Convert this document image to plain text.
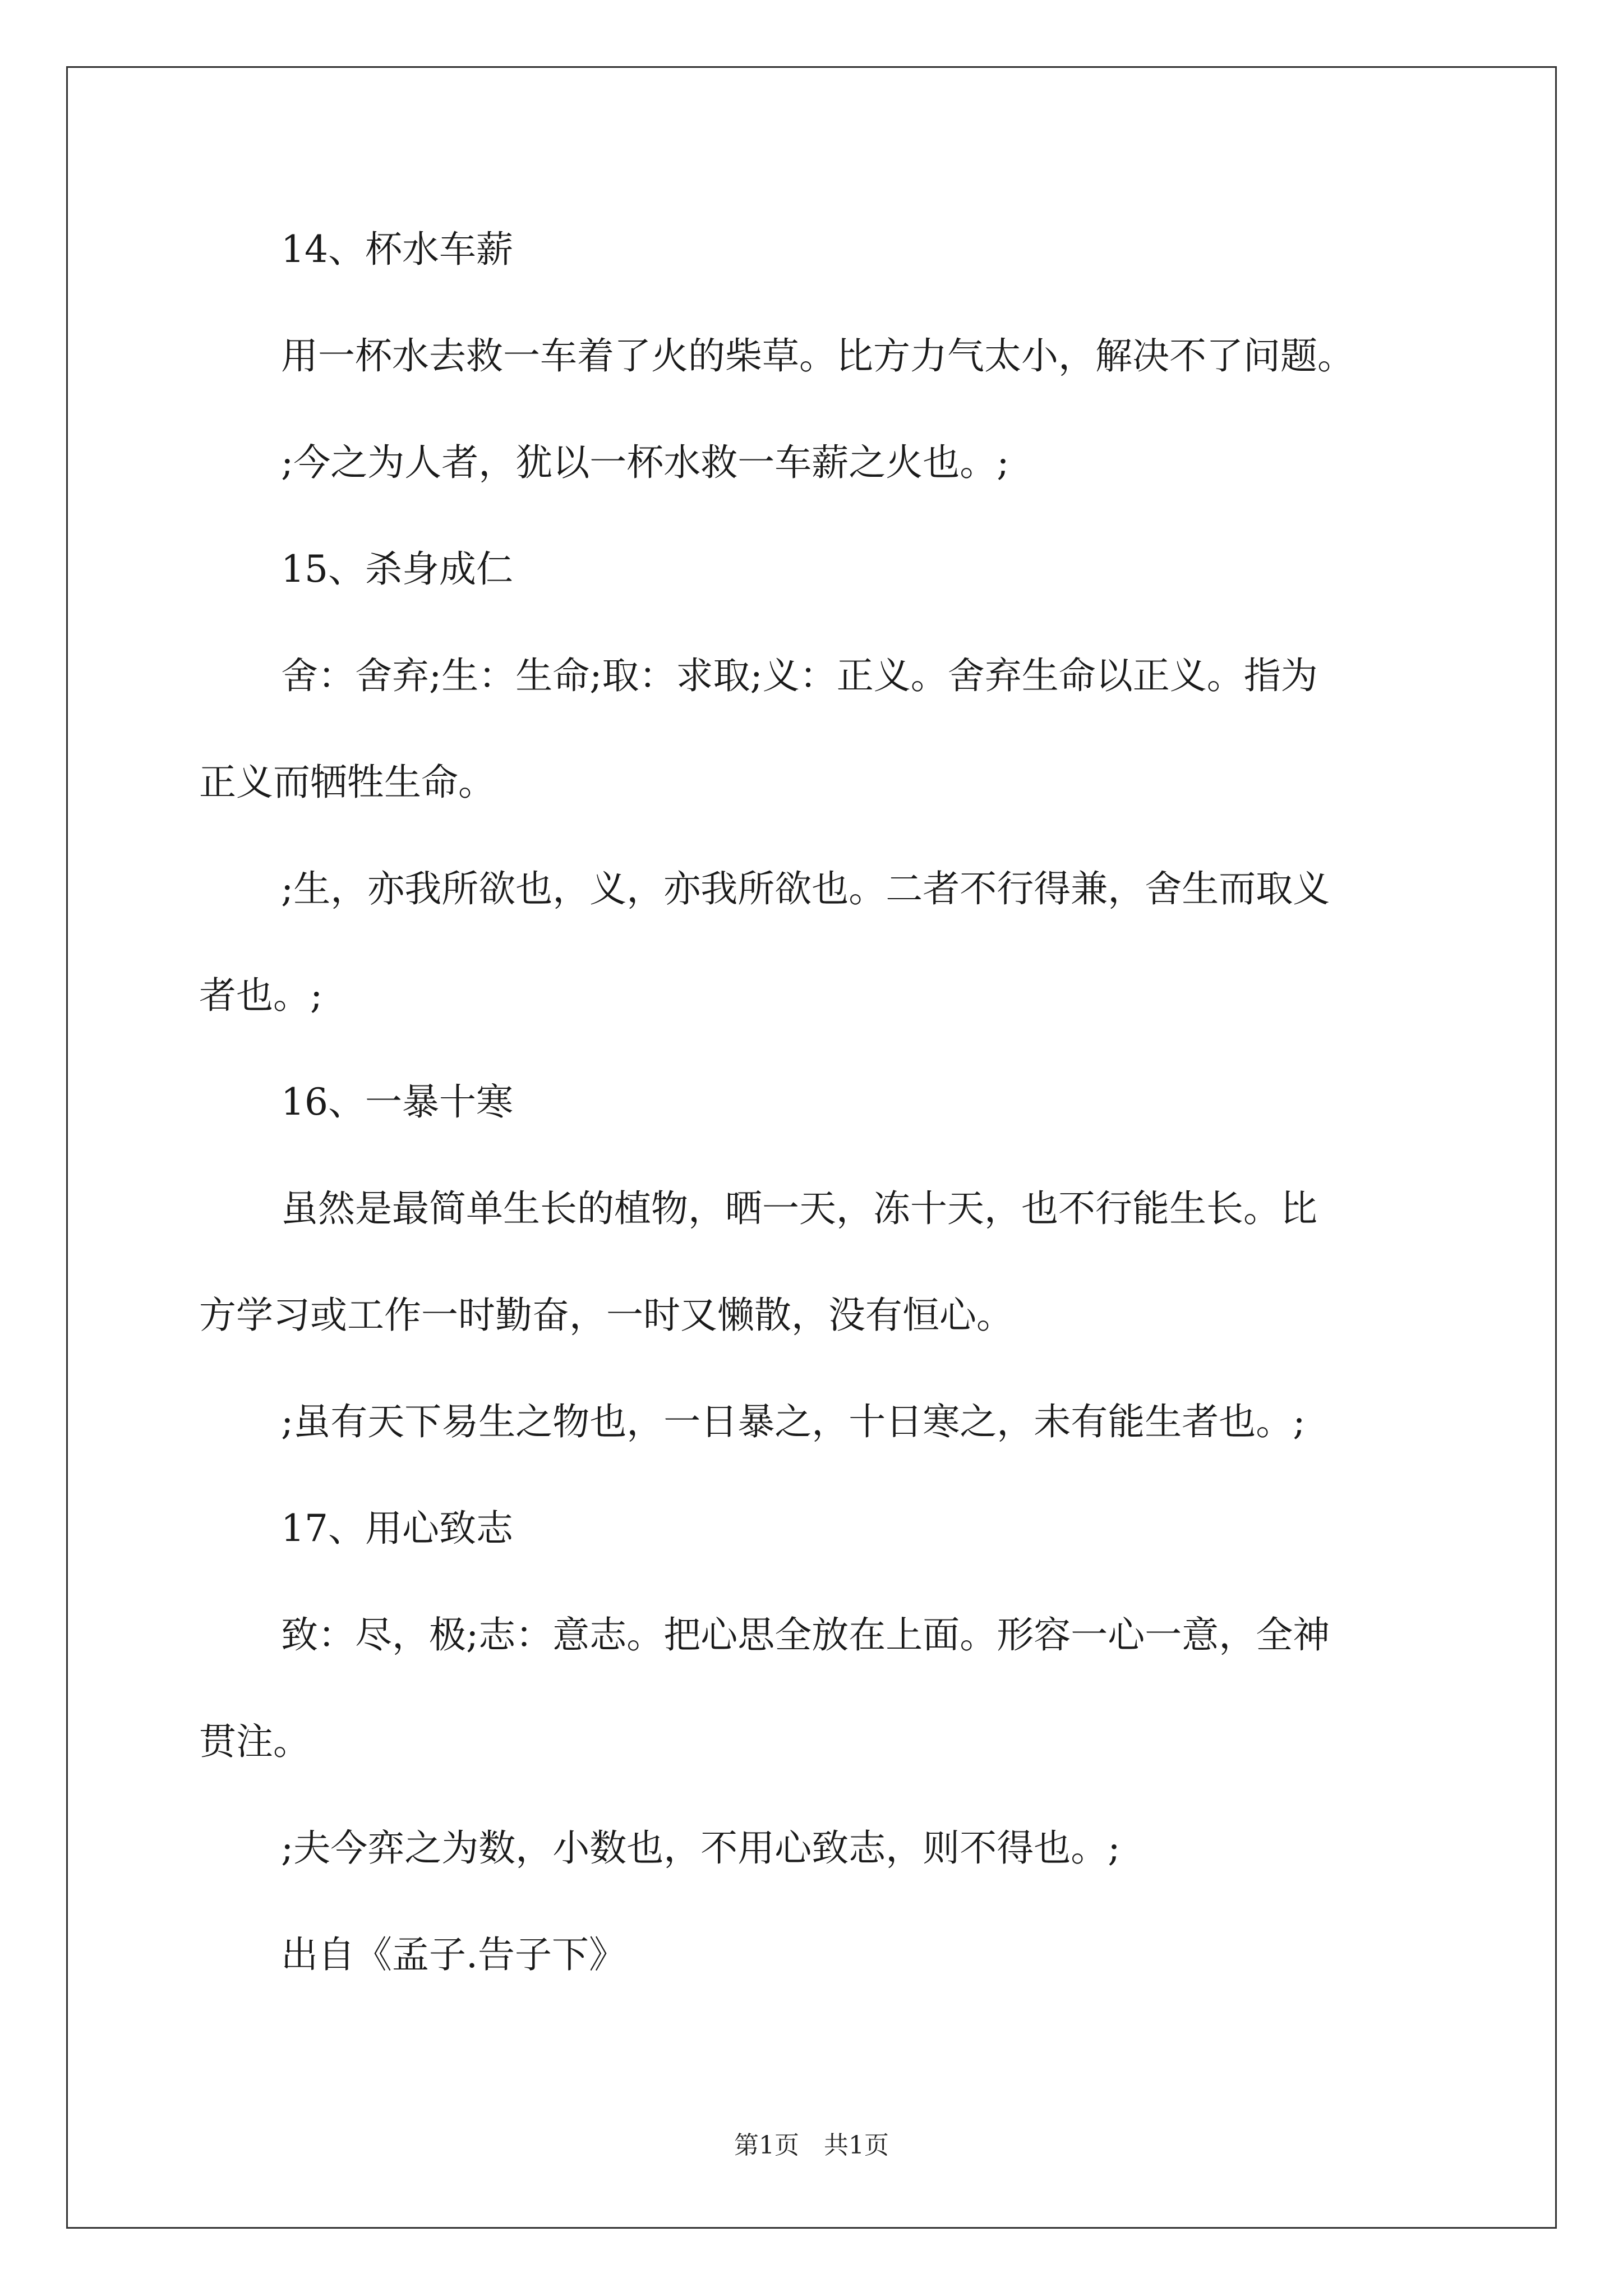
14、杯水车薪
用一杯水去救一车着了火的柴草。比方力气太小，解决不了问题。
;今之为人者，犹以一杯水救一车薪之火也。;
15、杀身成仁
舍：舍弃;生：生命;取：求取;义：正义。舍弃生命以正义。指为
正义而牺牲生命。
;生，亦我所欲也，义，亦我所欲也。二者不行得兼，舍生而取义
者也。;
16、一暴十寒
虽然是最简单生长的植物，晒一天，冻十天，也不行能生长。比
方学习或工作一时勤奋，一时又懒散，没有恒心。
;虽有天下易生之物也，一日暴之，十日寒之，未有能生者也。;
17、用心致志
致：尽，极;志：意志。把心思全放在上面。形容一心一意，全神
贯注。
;夫今弈之为数，小数也，不用心致志，则不得也。;
出自《孟子.告子下》
第1页　共1页
